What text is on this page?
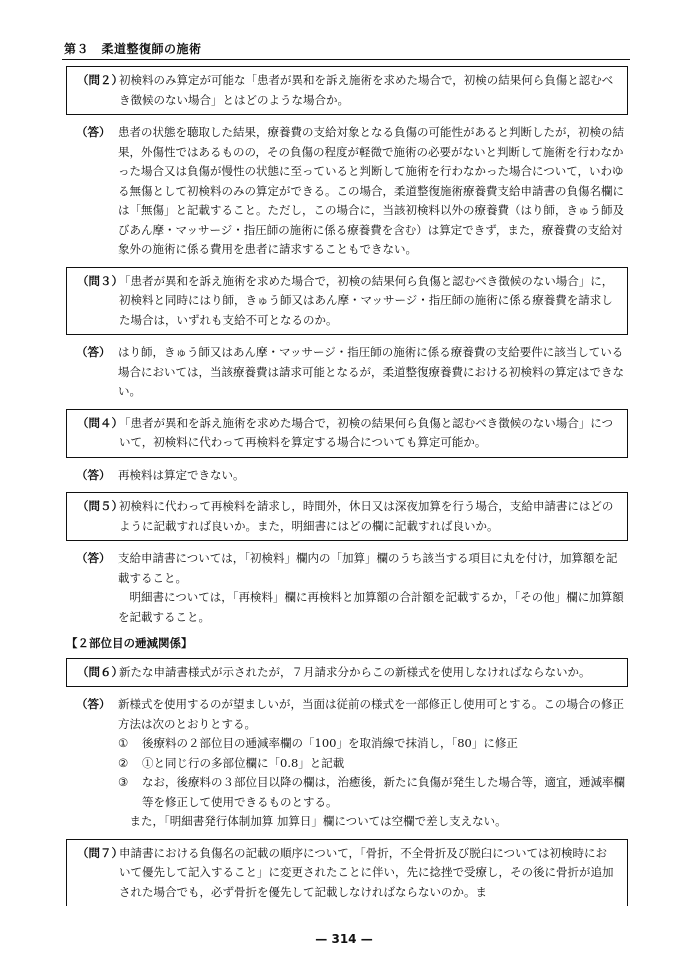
第３　柔道整復師の施術
（問２）
初検料のみ算定が可能な「患者が異和を訴え施術を求めた場合で，初検の結果何ら負傷と認むべき徴候のない場合」とはどのような場合か。
（答） 患者の状態を聴取した結果，療養費の支給対象となる負傷の可能性があると判断したが，初検の結果，外傷性ではあるものの，その負傷の程度が軽微で施術の必要がないと判断して施術を行わなかった場合又は負傷が慢性の状態に至っていると判断して施術を行わなかった場合について，いわゆる無傷として初検料のみの算定ができる。この場合，柔道整復施術療養費支給申請書の負傷名欄には「無傷」と記載すること。ただし，この場合に，当該初検料以外の療養費（はり師，きゅう師及びあん摩・マッサージ・指圧師の施術に係る療養費を含む）は算定できず，また，療養費の支給対象外の施術に係る費用を患者に請求することもできない。
（問３）
「患者が異和を訴え施術を求めた場合で，初検の結果何ら負傷と認むべき徴候のない場合」に，初検料と同時にはり師，きゅう師又はあん摩・マッサージ・指圧師の施術に係る療養費を請求した場合は，いずれも支給不可となるのか。
（答） はり師，きゅう師又はあん摩・マッサージ・指圧師の施術に係る療養費の支給要件に該当している場合においては，当該療養費は請求可能となるが，柔道整復療養費における初検料の算定はできない。
（問４）
「患者が異和を訴え施術を求めた場合で，初検の結果何ら負傷と認むべき徴候のない場合」について，初検料に代わって再検料を算定する場合についても算定可能か。
（答） 再検料は算定できない。
（問５）
初検料に代わって再検料を請求し，時間外，休日又は深夜加算を行う場合，支給申請書にはどのように記載すれば良いか。また，明細書にはどの欄に記載すれば良いか。
（答） 支給申請書については，「初検料」欄内の「加算」欄のうち該当する項目に丸を付け，加算額を記載すること。
明細書については，「再検料」欄に再検料と加算額の合計額を記載するか，「その他」欄に加算額を記載すること。
【２部位目の逓減関係】
（問６）
新たな申請書様式が示されたが，７月請求分からこの新様式を使用しなければならないか。
（答） 新様式を使用するのが望ましいが，当面は従前の様式を一部修正し使用可とする。この場合の修正方法は次のとおりとする。
①	後療料の２部位目の逓減率欄の「100」を取消線で抹消し，「80」に修正
②	①と同じ行の多部位欄に「0.8」と記載
③	なお，後療料の３部位目以降の欄は，治癒後，新たに負傷が発生した場合等，適宜，逓減率欄等を修正して使用できるものとする。
また，「明細書発行体制加算 加算日」欄については空欄で差し支えない。
（問７）
申請書における負傷名の記載の順序について，「骨折，不全骨折及び脱臼については初検時において優先して記入すること」に変更されたことに伴い，先に捻挫で受療し，その後に骨折が追加された場合でも，必ず骨折を優先して記載しなければならないのか。ま
— 314 —
